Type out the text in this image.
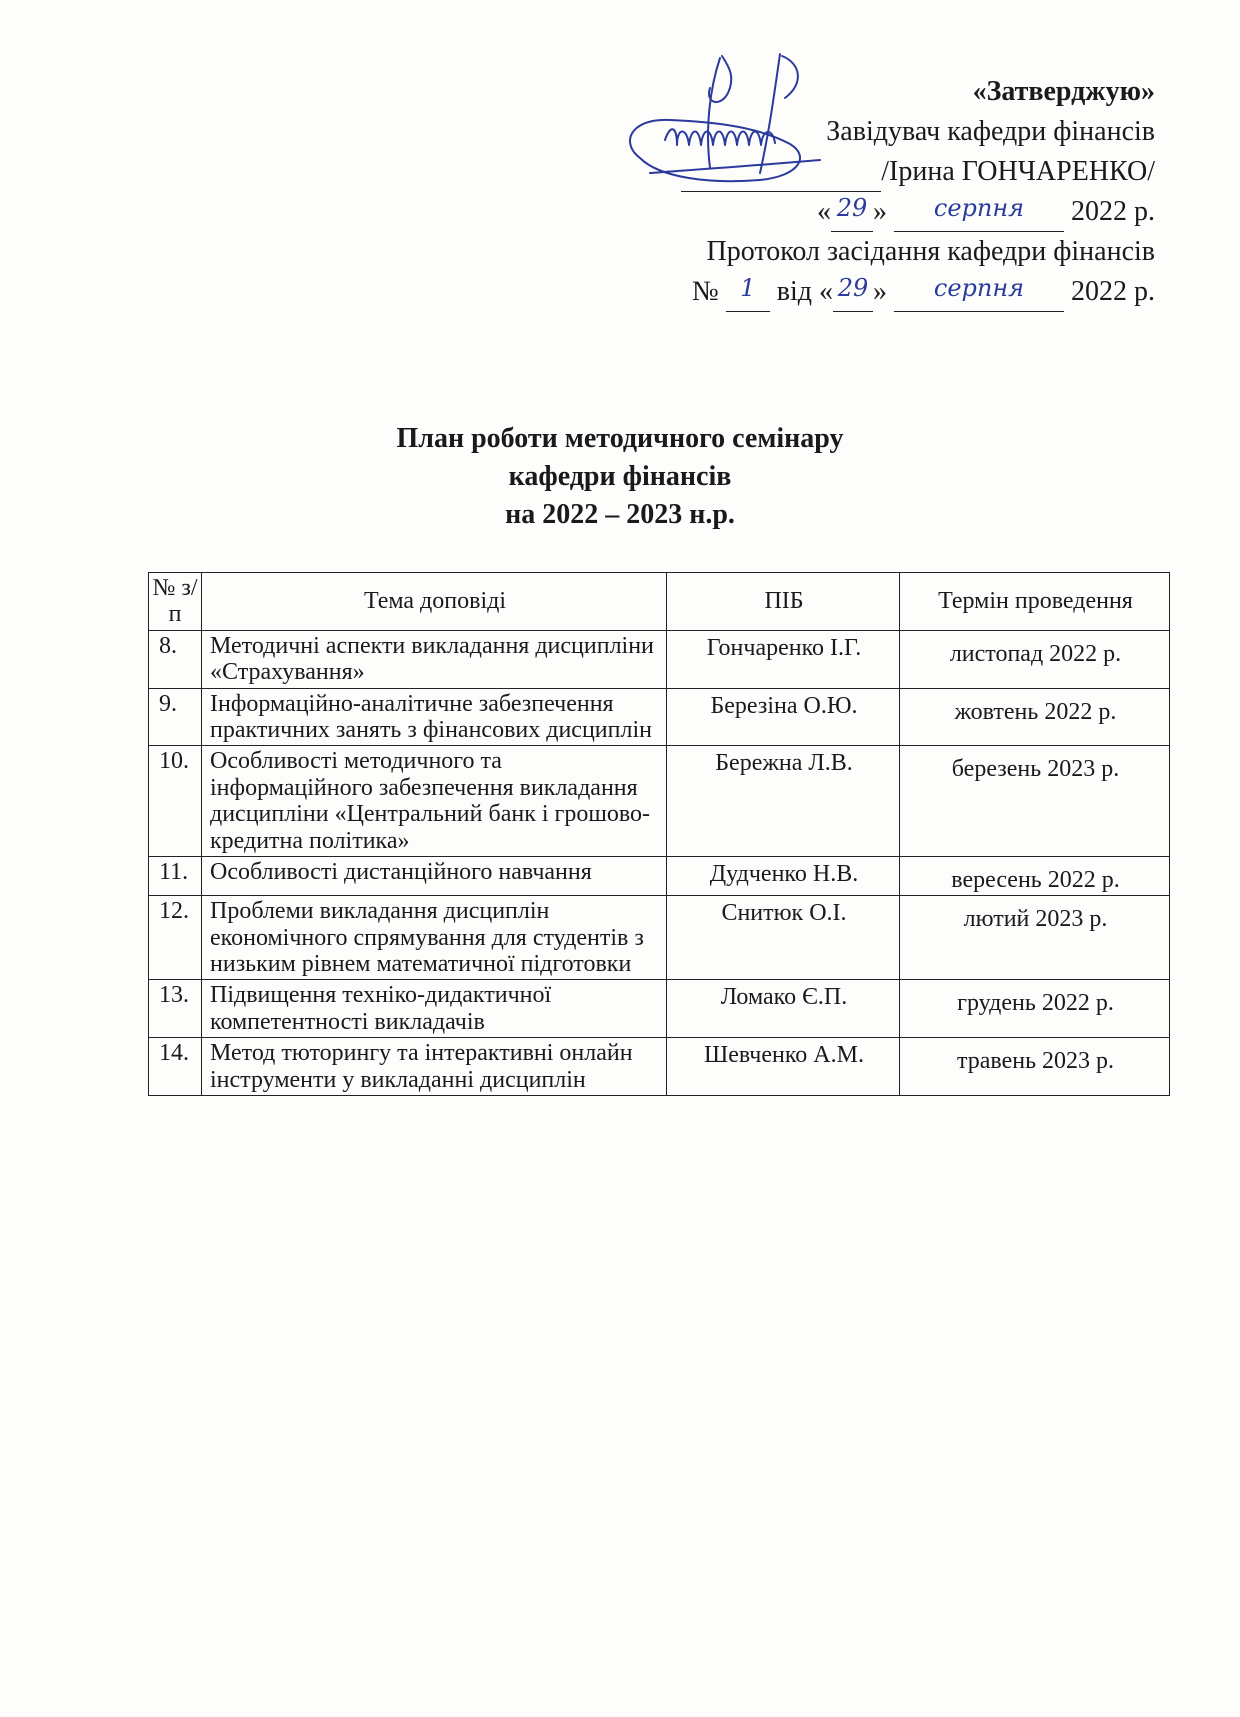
«Затверджую»
Завідувач кафедри фінансів
/Ірина ГОНЧАРЕНКО/
« 29 » серпня 2022 р.
Протокол засідання кафедри фінансів
№ 1 від « 29 » серпня 2022 р.
План роботи методичного семінару
кафедри фінансів
на 2022 – 2023 н.р.
№ з/п	Тема доповіді	ПІБ	Термін проведення
8.	Методичні аспекти викладання дисципліни «Страхування»	Гончаренко І.Г.	листопад 2022 р.
9.	Інформаційно-аналітичне забезпечення практичних занять з фінансових дисциплін	Березіна О.Ю.	жовтень 2022 р.
10.	Особливості методичного та інформаційного забезпечення викладання дисципліни «Центральний банк і грошово-кредитна політика»	Бережна Л.В.	березень 2023 р.
11.	Особливості дистанційного навчання	Дудченко Н.В.	вересень 2022 р.
12.	Проблеми викладання дисциплін економічного спрямування для студентів з низьким рівнем математичної підготовки	Снитюк О.І.	лютий 2023 р.
13.	Підвищення техніко-дидактичної компетентності викладачів	Ломако Є.П.	грудень 2022 р.
14.	Метод тюторингу та інтерактивні онлайн інструменти у викладанні дисциплін	Шевченко А.М.	травень 2023 р.
